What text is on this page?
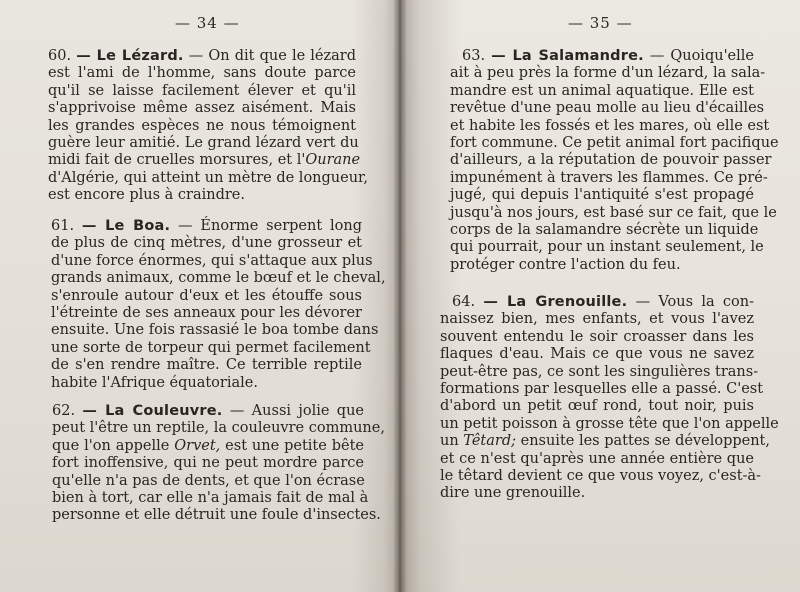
— 34 —
60. — Le Lézard. — On dit que le lézard
est l'ami de l'homme, sans doute parce
qu'il se laisse facilement élever et qu'il
s'apprivoise même assez aisément. Mais
les grandes espèces ne nous témoignent
guère leur amitié. Le grand lézard vert du
midi fait de cruelles morsures, et l'Ourane
d'Algérie, qui atteint un mètre de longueur,
est encore plus à craindre.
61. — Le Boa. — Énorme serpent long
de plus de cinq mètres, d'une grosseur et
d'une force énormes, qui s'attaque aux plus
grands animaux, comme le bœuf et le cheval,
s'enroule autour d'eux et les étouffe sous
l'étreinte de ses anneaux pour les dévorer
ensuite. Une fois rassasié le boa tombe dans
une sorte de torpeur qui permet facilement
de s'en rendre maître. Ce terrible reptile
habite l'Afrique équatoriale.
62. — La Couleuvre. — Aussi jolie que
peut l'être un reptile, la couleuvre commune,
que l'on appelle Orvet, est une petite bête
fort inoffensive, qui ne peut mordre parce
qu'elle n'a pas de dents, et que l'on écrase
bien à tort, car elle n'a jamais fait de mal à
personne et elle détruit une foule d'insectes.
— 35 —
63. — La Salamandre. — Quoiqu'elle
ait à peu près la forme d'un lézard, la sala-
mandre est un animal aquatique. Elle est
revêtue d'une peau molle au lieu d'écailles
et habite les fossés et les mares, où elle est
fort commune. Ce petit animal fort pacifique
d'ailleurs, a la réputation de pouvoir passer
impunément à travers les flammes. Ce pré-
jugé, qui depuis l'antiquité s'est propagé
jusqu'à nos jours, est basé sur ce fait, que le
corps de la salamandre sécrète un liquide
qui pourrait, pour un instant seulement, le
protéger contre l'action du feu.
64. — La Grenouille. — Vous la con-
naissez bien, mes enfants, et vous l'avez
souvent entendu le soir croasser dans les
flaques d'eau. Mais ce que vous ne savez
peut-être pas, ce sont les singulières trans-
formations par lesquelles elle a passé. C'est
d'abord un petit œuf rond, tout noir, puis
un petit poisson à grosse tête que l'on appelle
un Têtard; ensuite les pattes se développent,
et ce n'est qu'après une année entière que
le têtard devient ce que vous voyez, c'est-à-
dire une grenouille.
